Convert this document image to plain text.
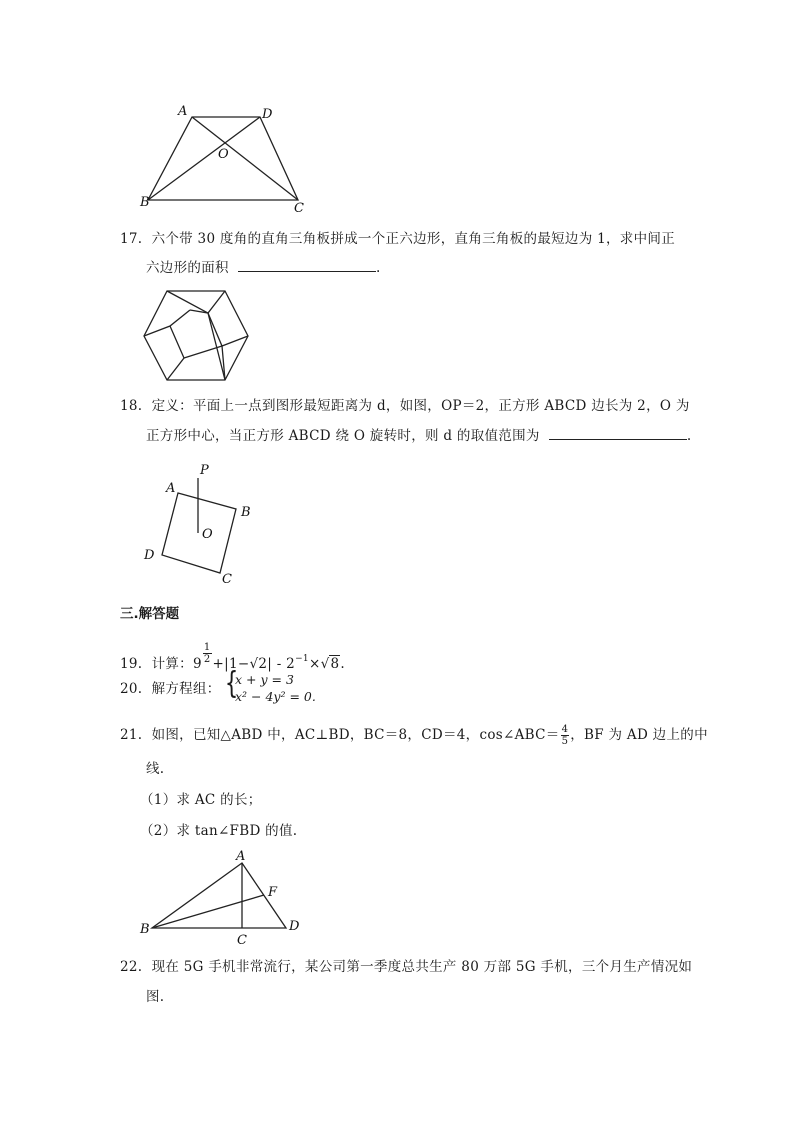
A	D
O
B	C
17. 六个带 30 度角的直角三角板拼成一个正六边形，直角三角板的最短边为 1，求中间正
六边形的面积	.
18. 定义：平面上一点到图形最短距离为 d，如图，OP＝2，正方形 ABCD 边长为 2，O 为
正方形中心，当正方形 ABCD 绕 O 旋转时，则 d 的取值范围为	.
P
A
B
O
D
C
三.解答题
19. 计算：$9 \frac{1}{2} +|1-√2| - 2^{-1}\times√8$.
20. 解方程组： {
x + y = 3
x² − 4y² = 0.
21. 如图，已知△ABD 中，AC⊥BD，BC＝8，CD＝4，cos∠ABC＝ $\frac{4}{5}$ ，BF 为 AD 边上的中
线.
（1）求 AC 的长；
（2）求 tan∠FBD 的值.
A
F
B
C
D
22. 现在 5G 手机非常流行，某公司第一季度总共生产 80 万部 5G 手机，三个月生产情况如
图.
